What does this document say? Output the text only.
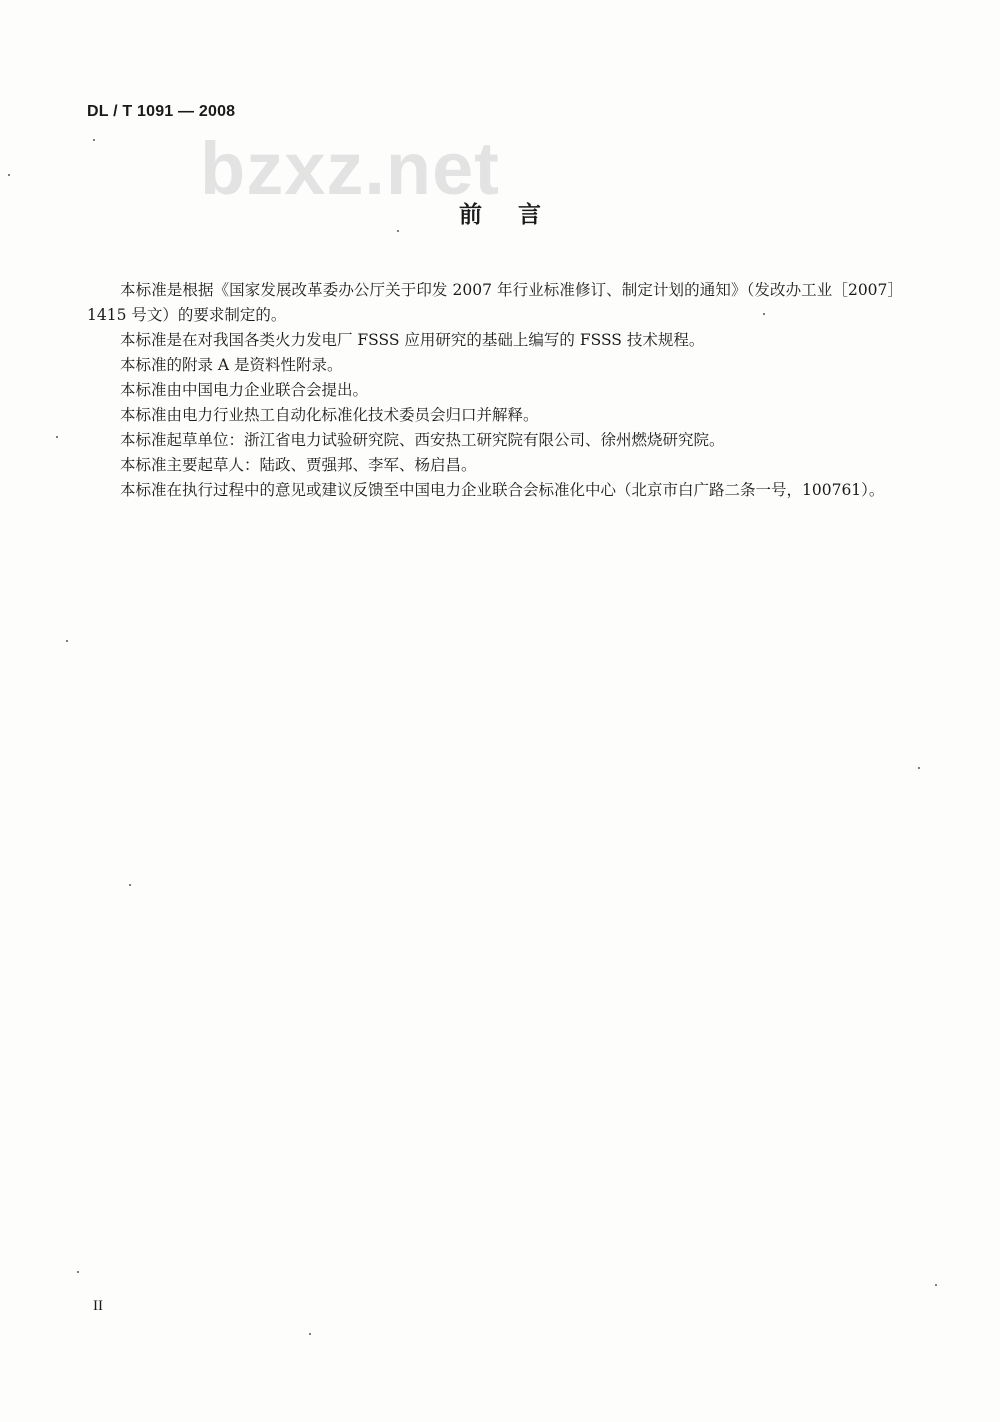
DL / T 1091 — 2008
bzxz.net
前言

本标准是根据《国家发展改革委办公厅关于印发 2007 年行业标准修订、制定计划的通知》（发改办工业［2007］1415 号文）的要求制定的。

本标准是在对我国各类火力发电厂 FSSS 应用研究的基础上编写的 FSSS 技术规程。

本标准的附录 A 是资料性附录。

本标准由中国电力企业联合会提出。

本标准由电力行业热工自动化标准化技术委员会归口并解释。

本标准起草单位：浙江省电力试验研究院、西安热工研究院有限公司、徐州燃烧研究院。

本标准主要起草人：陆政、贾强邦、李军、杨启昌。

本标准在执行过程中的意见或建议反馈至中国电力企业联合会标准化中心（北京市白广路二条一号，100761）。

II
